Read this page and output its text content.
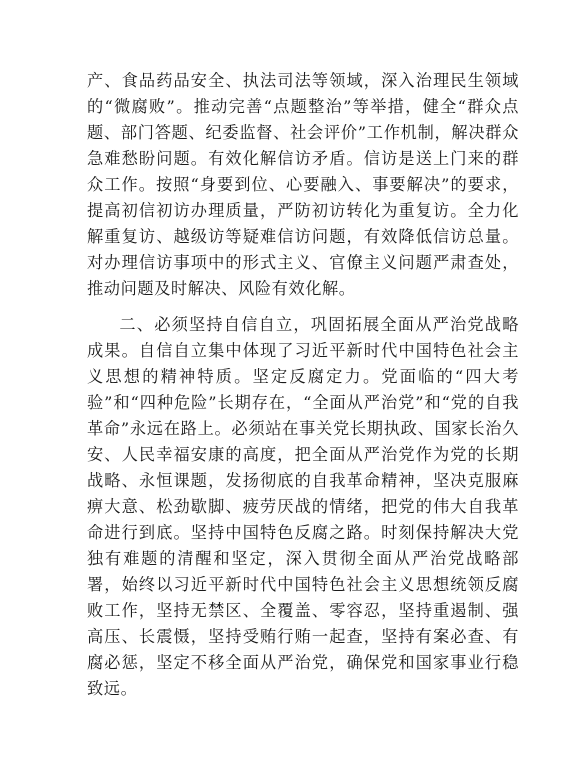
产、食品药品安全、执法司法等领域，深入治理民生领域的“微腐败”。推动完善“点题整治”等举措，健全“群众点题、部门答题、纪委监督、社会评价”工作机制，解决群众急难愁盼问题。有效化解信访矛盾。信访是送上门来的群众工作。按照“身要到位、心要融入、事要解决”的要求，提高初信初访办理质量，严防初访转化为重复访。全力化解重复访、越级访等疑难信访问题，有效降低信访总量。对办理信访事项中的形式主义、官僚主义问题严肃查处，推动问题及时解决、风险有效化解。

二、必须坚持自信自立，巩固拓展全面从严治党战略成果。自信自立集中体现了习近平新时代中国特色社会主义思想的精神特质。坚定反腐定力。党面临的“四大考验”和“四种危险”长期存在，“全面从严治党”和“党的自我革命”永远在路上。必须站在事关党长期执政、国家长治久安、人民幸福安康的高度，把全面从严治党作为党的长期战略、永恒课题，发扬彻底的自我革命精神，坚决克服麻痹大意、松劲歇脚、疲劳厌战的情绪，把党的伟大自我革命进行到底。坚持中国特色反腐之路。时刻保持解决大党独有难题的清醒和坚定，深入贯彻全面从严治党战略部署，始终以习近平新时代中国特色社会主义思想统领反腐败工作，坚持无禁区、全覆盖、零容忍，坚持重遏制、强高压、长震慑，坚持受贿行贿一起查，坚持有案必查、有腐必惩，坚定不移全面从严治党，确保党和国家事业行稳致远。
